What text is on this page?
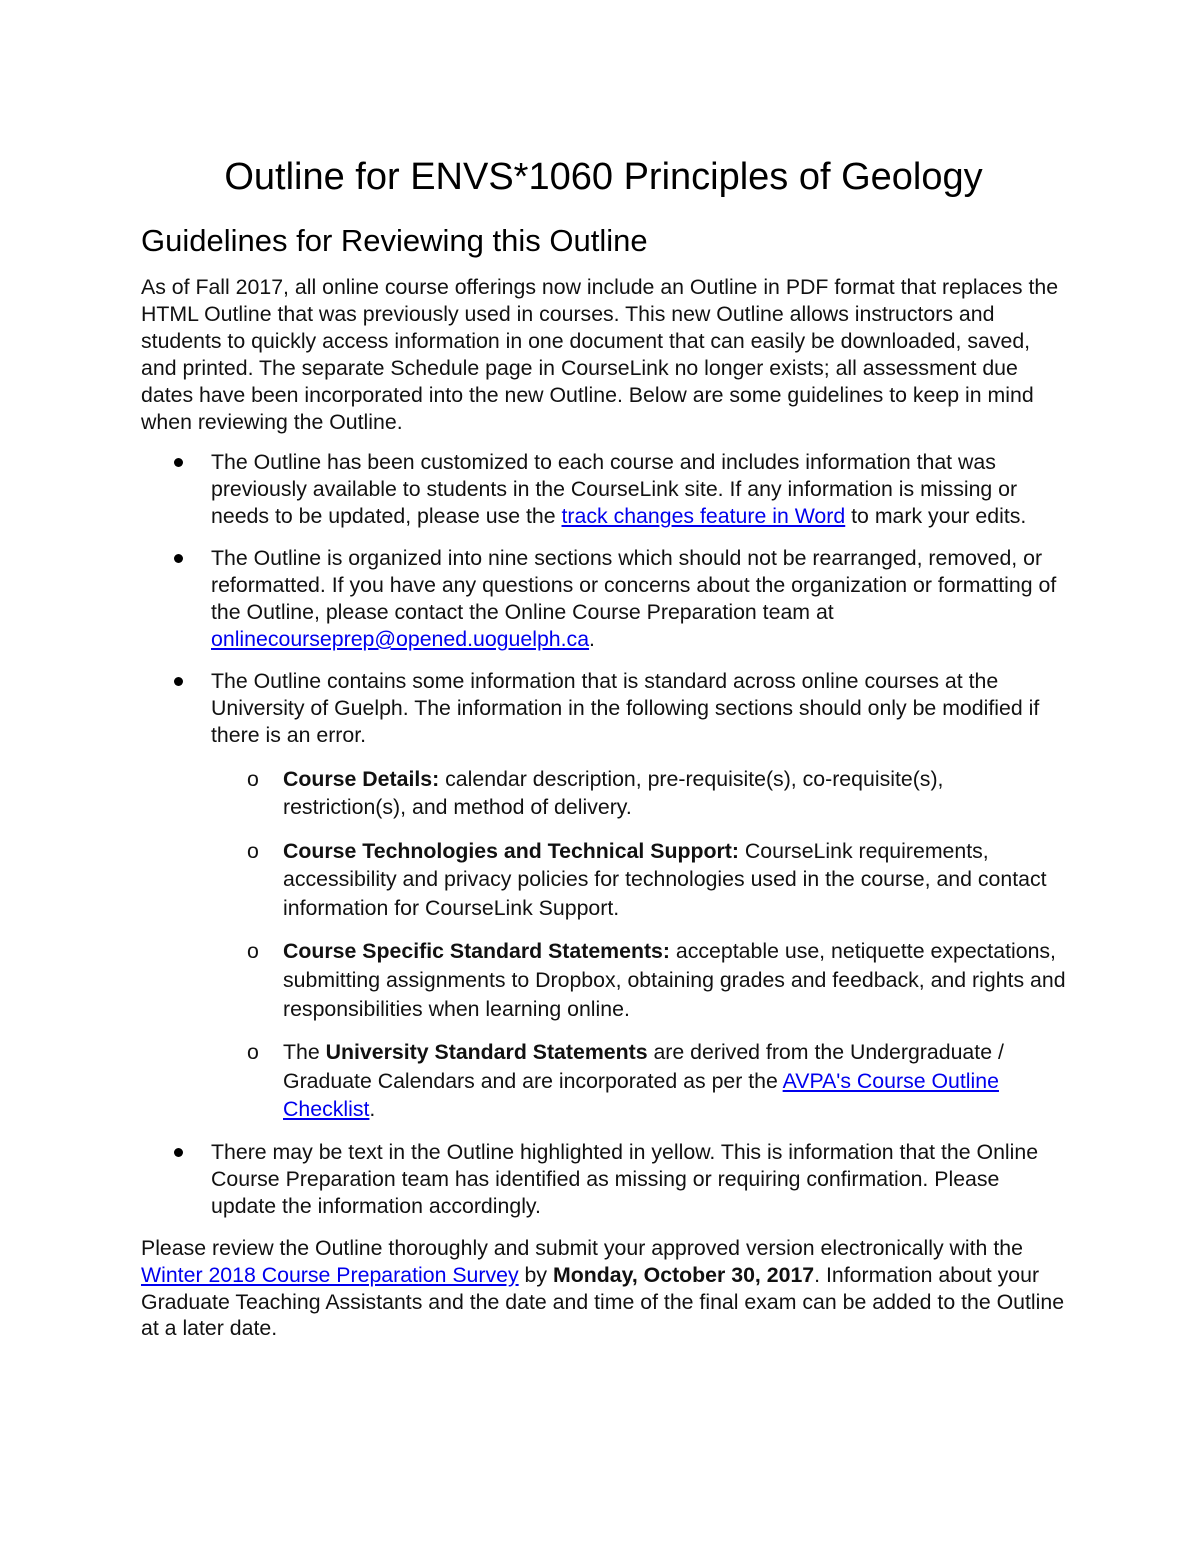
Outline for ENVS*1060 Principles of Geology
Guidelines for Reviewing this Outline

As of Fall 2017, all online course offerings now include an Outline in PDF format that replaces the HTML Outline that was previously used in courses. This new Outline allows instructors and students to quickly access information in one document that can easily be downloaded, saved, and printed. The separate Schedule page in CourseLink no longer exists; all assessment due dates have been incorporated into the new Outline. Below are some guidelines to keep in mind when reviewing the Outline.

The Outline has been customized to each course and includes information that was previously available to students in the CourseLink site. If any information is missing or needs to be updated, please use the track changes feature in Word to mark your edits.
The Outline is organized into nine sections which should not be rearranged, removed, or reformatted. If you have any questions or concerns about the organization or formatting of the Outline, please contact the Online Course Preparation team at onlinecourseprep@opened.uoguelph.ca.
The Outline contains some information that is standard across online courses at the University of Guelph. The information in the following sections should only be modified if there is an error.
o Course Details: calendar description, pre-requisite(s), co-requisite(s), restriction(s), and method of delivery.
o Course Technologies and Technical Support: CourseLink requirements, accessibility and privacy policies for technologies used in the course, and contact information for CourseLink Support.
o Course Specific Standard Statements: acceptable use, netiquette expectations, submitting assignments to Dropbox, obtaining grades and feedback, and rights and responsibilities when learning online.
o The University Standard Statements are derived from the Undergraduate / Graduate Calendars and are incorporated as per the AVPA's Course Outline Checklist.
There may be text in the Outline highlighted in yellow. This is information that the Online Course Preparation team has identified as missing or requiring confirmation. Please update the information accordingly.

Please review the Outline thoroughly and submit your approved version electronically with the Winter 2018 Course Preparation Survey by Monday, October 30, 2017. Information about your Graduate Teaching Assistants and the date and time of the final exam can be added to the Outline at a later date.
